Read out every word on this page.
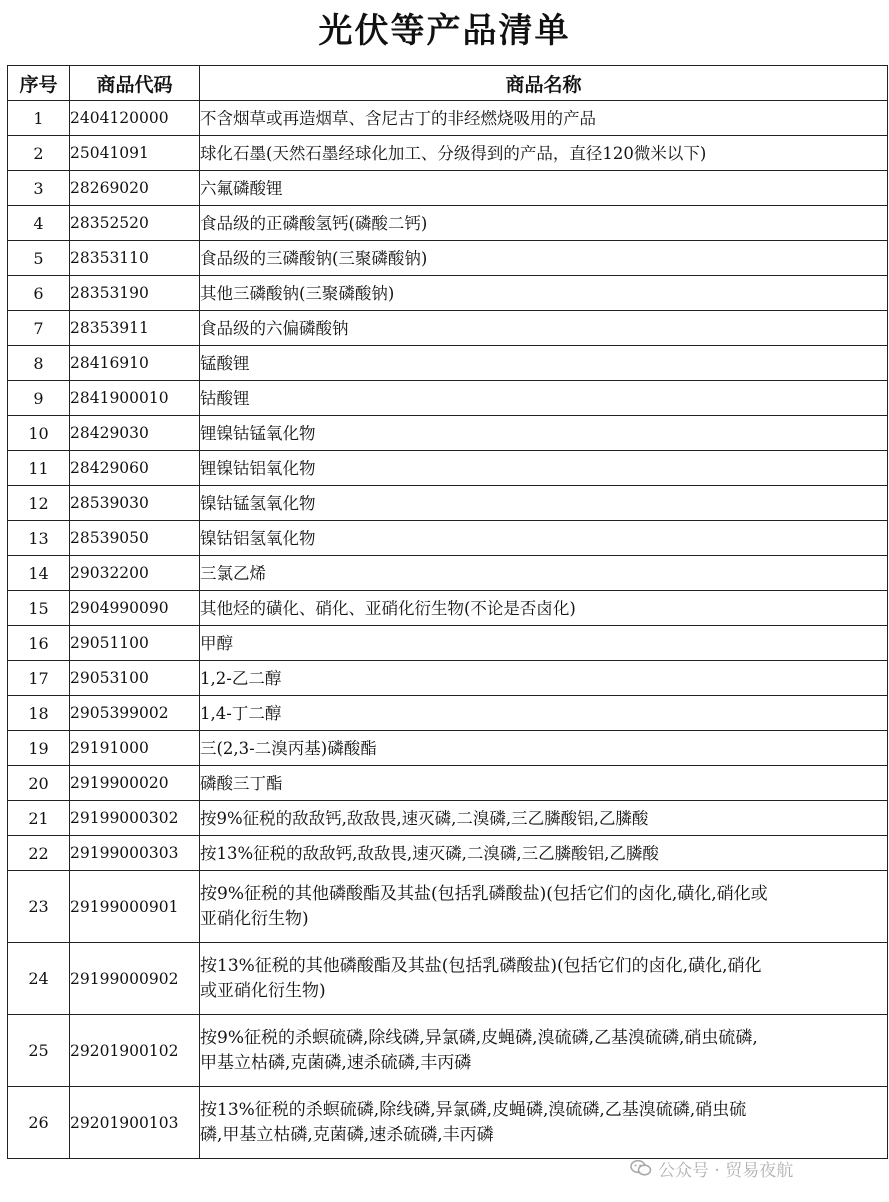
光伏等产品清单
序号	商品代码	商品名称
1	2404120000	不含烟草或再造烟草、含尼古丁的非经燃烧吸用的产品

2	25041091	球化石墨(天然石墨经球化加工、分级得到的产品，直径120微米以下)

3	28269020	六氟磷酸锂

4	28352520	食品级的正磷酸氢钙(磷酸二钙)

5	28353110	食品级的三磷酸钠(三聚磷酸钠)

6	28353190	其他三磷酸钠(三聚磷酸钠)

7	28353911	食品级的六偏磷酸钠

8	28416910	锰酸锂

9	2841900010	钴酸锂

10	28429030	锂镍钴锰氧化物

11	28429060	锂镍钴铝氧化物

12	28539030	镍钴锰氢氧化物

13	28539050	镍钴铝氢氧化物

14	29032200	三氯乙烯

15	2904990090	其他烃的磺化、硝化、亚硝化衍生物(不论是否卤化)

16	29051100	甲醇

17	29053100	1,2-乙二醇

18	2905399002	1,4-丁二醇

19	29191000	三(2,3-二溴丙基)磷酸酯

20	2919900020	磷酸三丁酯

21	29199000302	按9%征税的敌敌钙,敌敌畏,速灭磷,二溴磷,三乙膦酸铝,乙膦酸

22	29199000303	按13%征税的敌敌钙,敌敌畏,速灭磷,二溴磷,三乙膦酸铝,乙膦酸

23	29199000901	按9%征税的其他磷酸酯及其盐(包括乳磷酸盐)(包括它们的卤化,磺化,硝化或
亚硝化衍生物)

24	29199000902	按13%征税的其他磷酸酯及其盐(包括乳磷酸盐)(包括它们的卤化,磺化,硝化
或亚硝化衍生物)

25	29201900102	按9%征税的杀螟硫磷,除线磷,异氯磷,皮蝇磷,溴硫磷,乙基溴硫磷,硝虫硫磷,
甲基立枯磷,克菌磷,速杀硫磷,丰丙磷

26	29201900103	按13%征税的杀螟硫磷,除线磷,异氯磷,皮蝇磷,溴硫磷,乙基溴硫磷,硝虫硫
磷,甲基立枯磷,克菌磷,速杀硫磷,丰丙磷
公众号 · 贸易夜航
